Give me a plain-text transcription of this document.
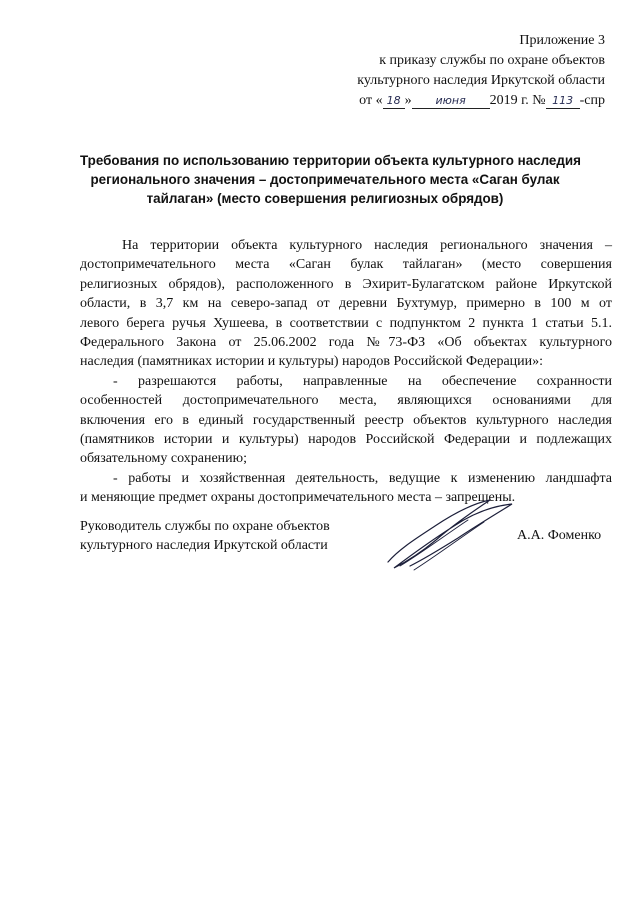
Приложение 3
к приказу службы по охране объектов
культурного наследия Иркутской области
от « 18 » июня 2019 г. № 113 -спр
Требования по использованию территории объекта культурного наследия
регионального значения – достопримечательного места «Саган булак
тайлаган» (место совершения религиозных обрядов)
На территории объекта культурного наследия регионального значения –
достопримечательного места «Саган булак тайлаган» (место совершения
религиозных обрядов), расположенного в Эхирит-Булагатском районе Иркутской
области, в 3,7 км на северо-запад от деревни Бухтумур, примерно в 100 м от
левого берега ручья Хушеева, в соответствии с подпунктом 2 пункта 1 статьи 5.1.
Федерального Закона от 25.06.2002 года №73-ФЗ «Об объектах культурного
наследия (памятниках истории и культуры) народов Российской Федерации»:
- разрешаются работы, направленные на обеспечение сохранности
особенностей достопримечательного места, являющихся основаниями для
включения его в единый государственный реестр объектов культурного наследия
(памятников истории и культуры) народов Российской Федерации и подлежащих
обязательному сохранению;
- работы и хозяйственная деятельность, ведущие к изменению ландшафта
и меняющие предмет охраны достопримечательного места – запрещены.
Руководитель службы по охране объектов
культурного наследия Иркутской области
А.А. Фоменко
